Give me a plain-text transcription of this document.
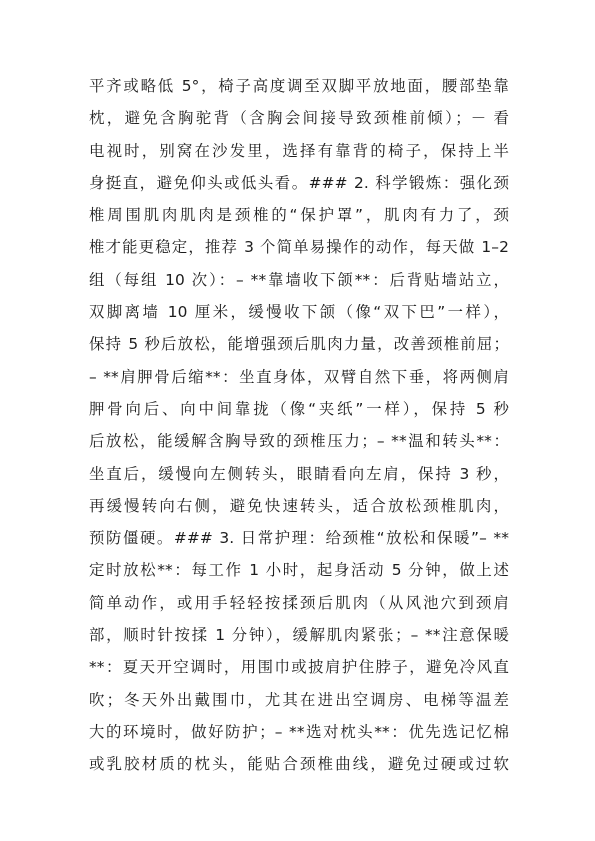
平齐或略低 5°，椅子高度调至双脚平放地面，腰部垫靠
枕，避免含胸驼背（含胸会间接导致颈椎前倾）；－ 看
电视时，别窝在沙发里，选择有靠背的椅子，保持上半
身挺直，避免仰头或低头看。### 2. 科学锻炼：强化颈
椎周围肌肉肌肉是颈椎的“保护罩”，肌肉有力了，颈
椎才能更稳定，推荐 3 个简单易操作的动作，每天做 1–2
组（每组 10 次）：– **靠墙收下颌**：后背贴墙站立，
双脚离墙 10 厘米，缓慢收下颌（像“双下巴”一样），
保持 5 秒后放松，能增强颈后肌肉力量，改善颈椎前屈；
– **肩胛骨后缩**：坐直身体，双臂自然下垂，将两侧肩
胛骨向后、向中间靠拢（像“夹纸”一样），保持 5 秒
后放松，能缓解含胸导致的颈椎压力；– **温和转头**：
坐直后，缓慢向左侧转头，眼睛看向左肩，保持 3 秒，
再缓慢转向右侧，避免快速转头，适合放松颈椎肌肉，
预防僵硬。### 3. 日常护理：给颈椎“放松和保暖”– **
定时放松**：每工作 1 小时，起身活动 5 分钟，做上述
简单动作，或用手轻轻按揉颈后肌肉（从风池穴到颈肩
部，顺时针按揉 1 分钟），缓解肌肉紧张；– **注意保暖
**：夏天开空调时，用围巾或披肩护住脖子，避免冷风直
吹；冬天外出戴围巾，尤其在进出空调房、电梯等温差
大的环境时，做好防护；– **选对枕头**：优先选记忆棉
或乳胶材质的枕头，能贴合颈椎曲线，避免过硬或过软
